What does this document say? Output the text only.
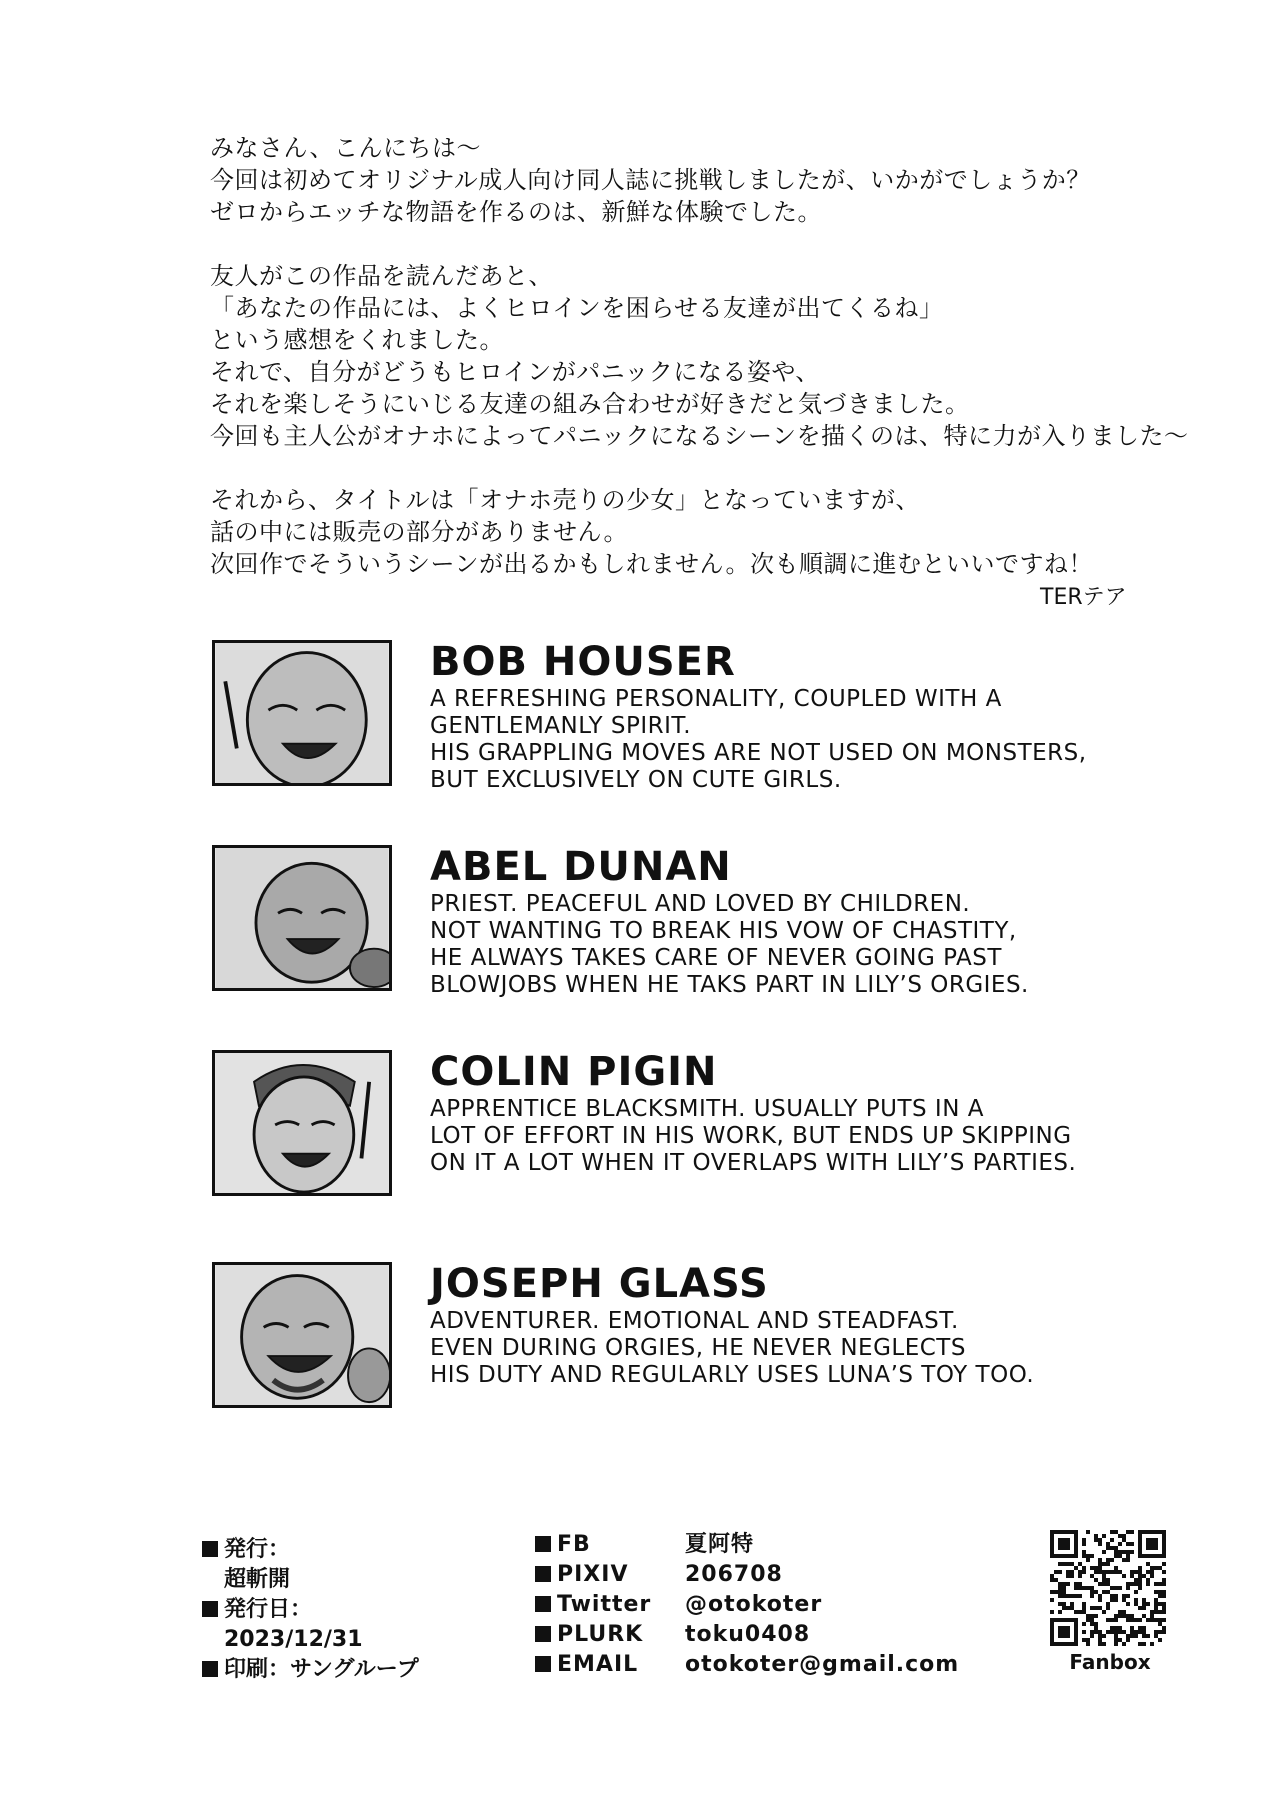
みなさん、こんにちは〜
今回は初めてオリジナル成人向け同人誌に挑戦しましたが、いかがでしょうか？
ゼロからエッチな物語を作るのは、新鮮な体験でした。

友人がこの作品を読んだあと、
「あなたの作品には、よくヒロインを困らせる友達が出てくるね」
という感想をくれました。
それで、自分がどうもヒロインがパニックになる姿や、
それを楽しそうにいじる友達の組み合わせが好きだと気づきました。
今回も主人公がオナホによってパニックになるシーンを描くのは、特に力が入りました〜

それから、タイトルは「オナホ売りの少女」となっていますが、
話の中には販売の部分がありません。
次回作でそういうシーンが出るかもしれません。次も順調に進むといいですね！

TERテア
BOB HOUSER
A REFRESHING PERSONALITY, COUPLED WITH A
GENTLEMANLY SPIRIT.
HIS GRAPPLING MOVES ARE NOT USED ON MONSTERS,
BUT EXCLUSIVELY ON CUTE GIRLS.
ABEL DUNAN
PRIEST. PEACEFUL AND LOVED BY CHILDREN.
NOT WANTING TO BREAK HIS VOW OF CHASTITY,
HE ALWAYS TAKES CARE OF NEVER GOING PAST
BLOWJOBS WHEN HE TAKS PART IN LILY’S ORGIES.
COLIN PIGIN
APPRENTICE BLACKSMITH. USUALLY PUTS IN A
LOT OF EFFORT IN HIS WORK, BUT ENDS UP SKIPPING
ON IT A LOT WHEN IT OVERLAPS WITH LILY’S PARTIES.
JOSEPH GLASS
ADVENTURER. EMOTIONAL AND STEADFAST.
EVEN DURING ORGIES, HE NEVER NEGLECTS
HIS DUTY AND REGULARLY USES LUNA’S TOY TOO.
発行：
超斬開
発行日：
2023/12/31
印刷：サングループ
FB	夏阿特
PIXIV	206708
Twitter	@otokoter
PLURK	toku0408
EMAIL	otokoter@gmail.com	Fanbox
